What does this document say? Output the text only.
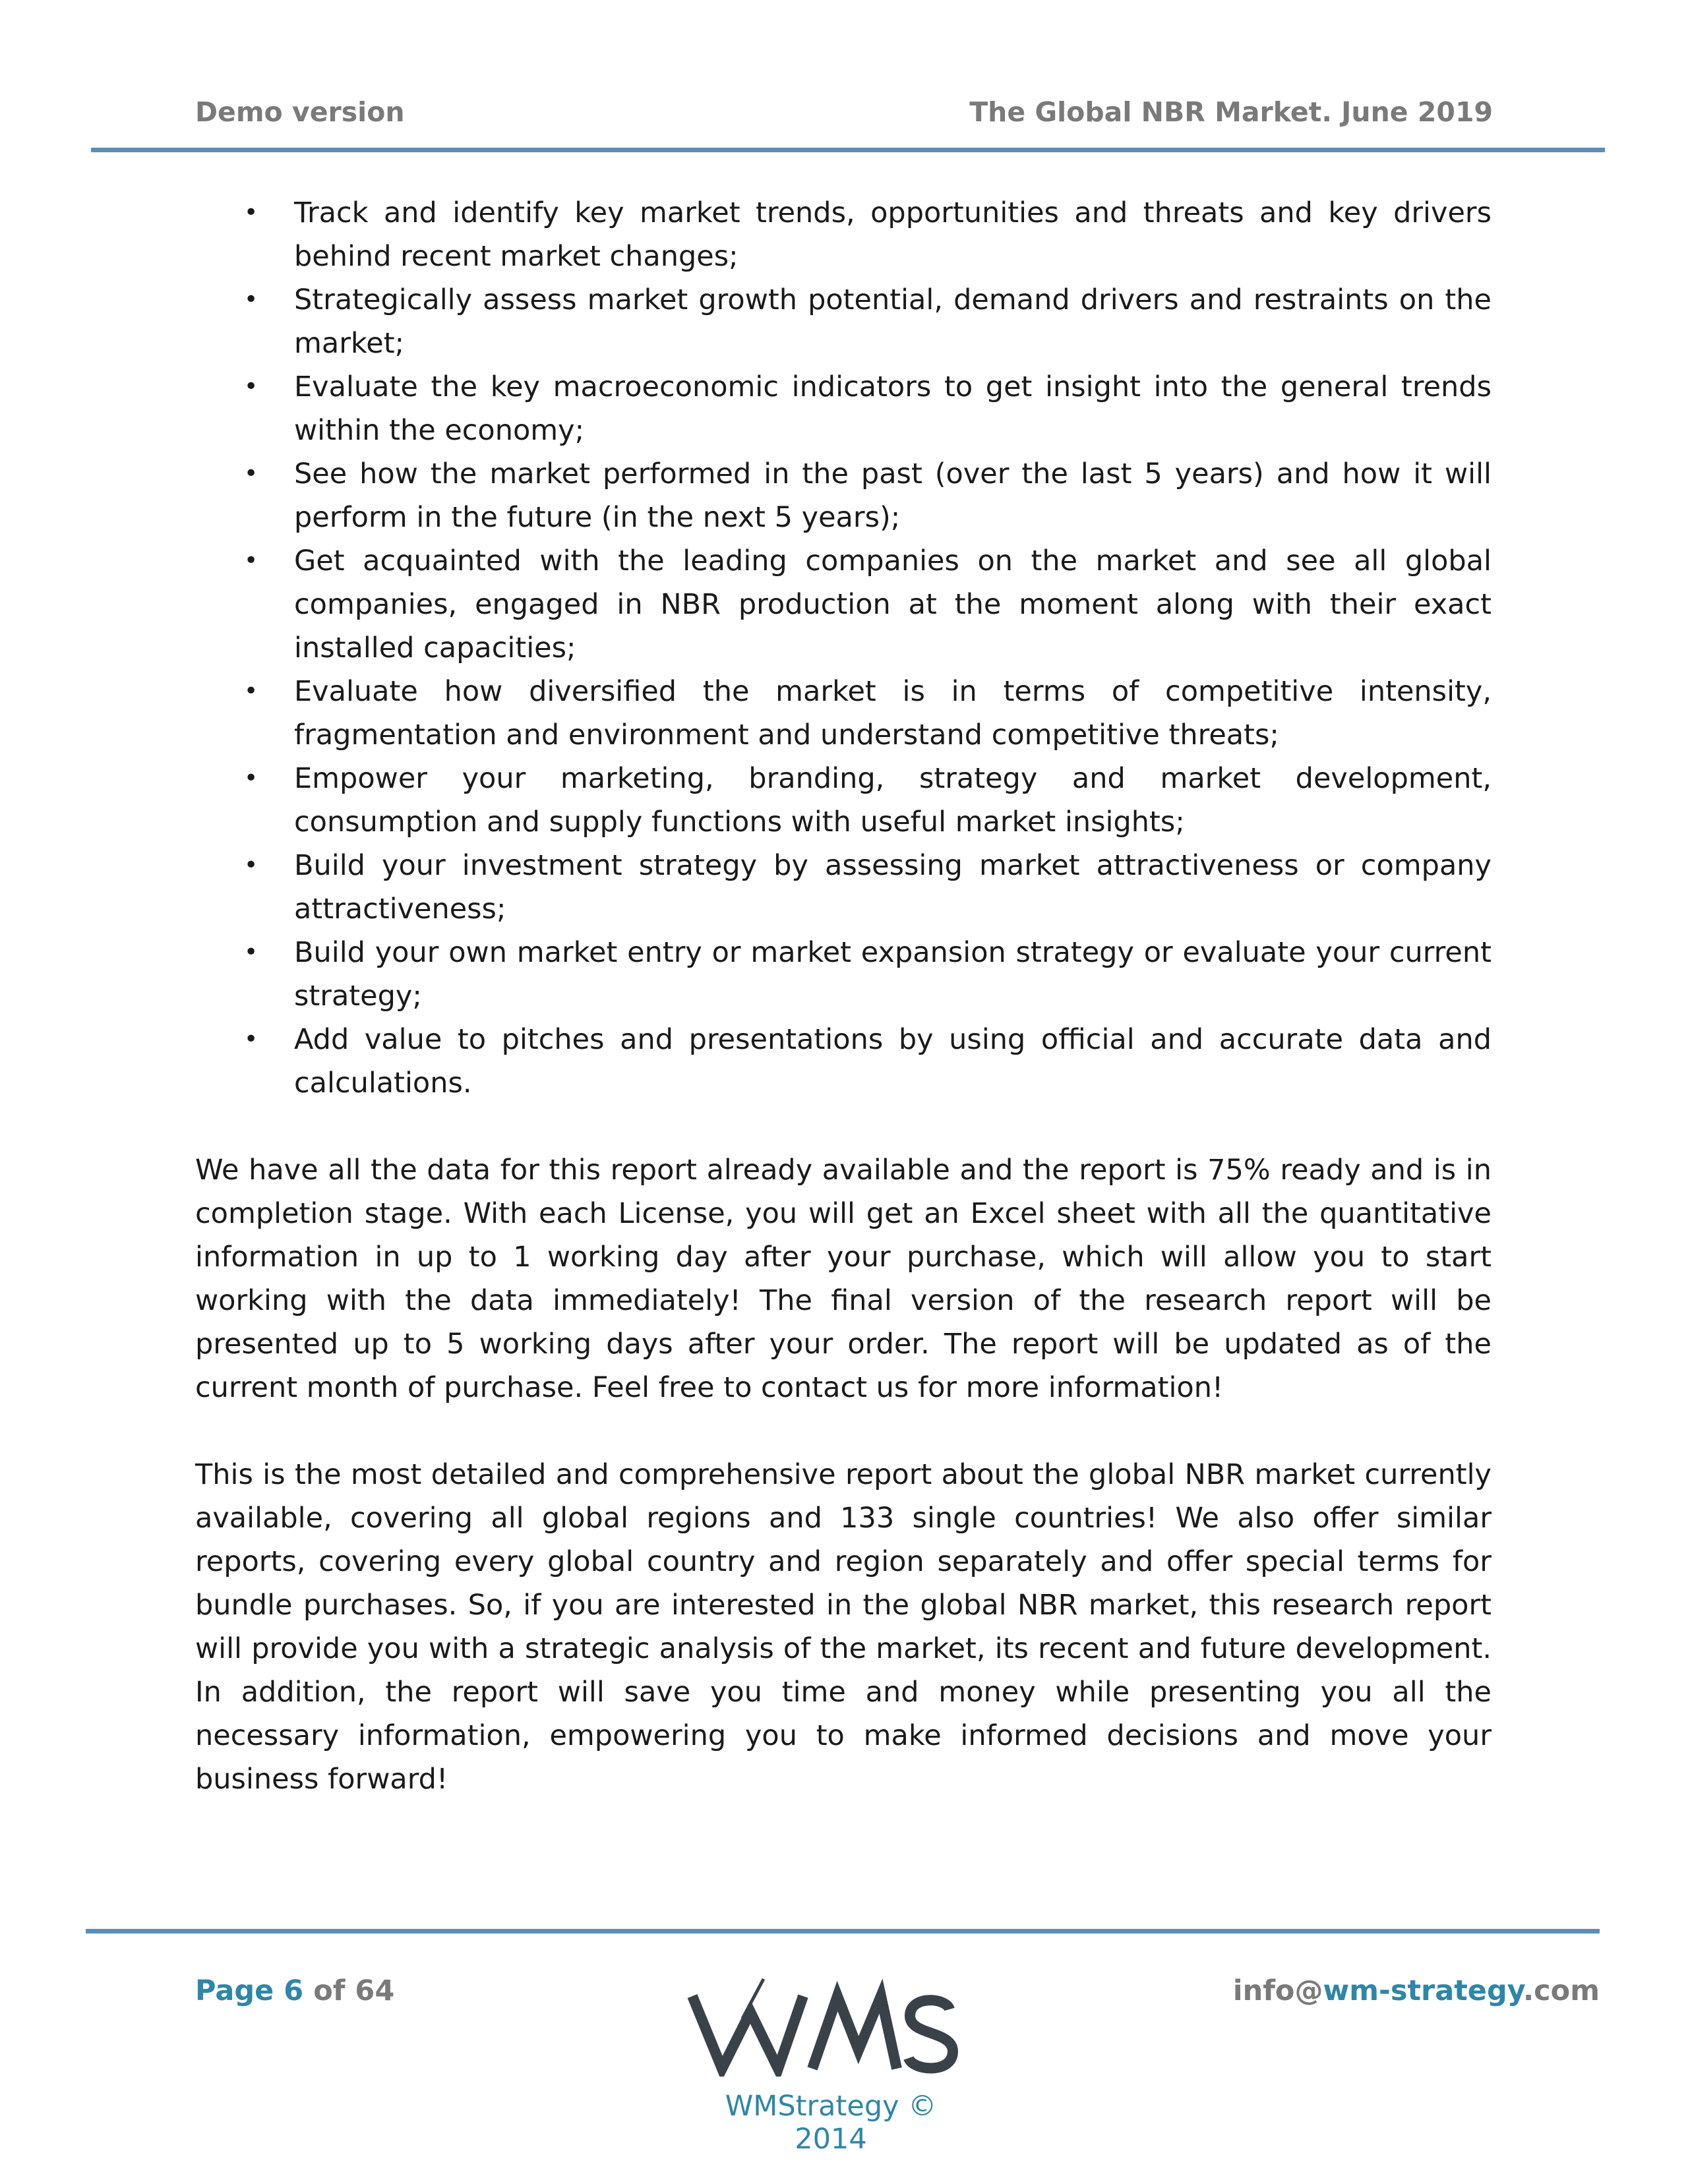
Demo version	The Global NBR Market. June 2019
• Track and identify key market trends, opportunities and threats and key drivers behind recent market changes;
• Strategically assess market growth potential, demand drivers and restraints on the market;
• Evaluate the key macroeconomic indicators to get insight into the general trends within the economy;
• See how the market performed in the past (over the last 5 years) and how it will perform in the future (in the next 5 years);
• Get acquainted with the leading companies on the market and see all global companies, engaged in NBR production at the moment along with their exact installed capacities;
• Evaluate how diversified the market is in terms of competitive intensity, fragmentation and environment and understand competitive threats;
• Empower your marketing, branding, strategy and market development, consumption and supply functions with useful market insights;
• Build your investment strategy by assessing market attractiveness or company attractiveness;
• Build your own market entry or market expansion strategy or evaluate your current strategy;
• Add value to pitches and presentations by using official and accurate data and calculations.

We have all the data for this report already available and the report is 75% ready and is in completion stage. With each License, you will get an Excel sheet with all the quantitative information in up to 1 working day after your purchase, which will allow you to start working with the data immediately! The final version of the research report will be presented up to 5 working days after your order. The report will be updated as of the current month of purchase. Feel free to contact us for more information!

This is the most detailed and comprehensive report about the global NBR market currently available, covering all global regions and 133 single countries! We also offer similar reports, covering every global country and region separately and offer special terms for bundle purchases. So, if you are interested in the global NBR market, this research report will provide you with a strategic analysis of the market, its recent and future development. In addition, the report will save you time and money while presenting you all the necessary information, empowering you to make informed decisions and move your business forward!

Page 6 of 64	info@wm-strategy.com
WMStrategy © 2014
